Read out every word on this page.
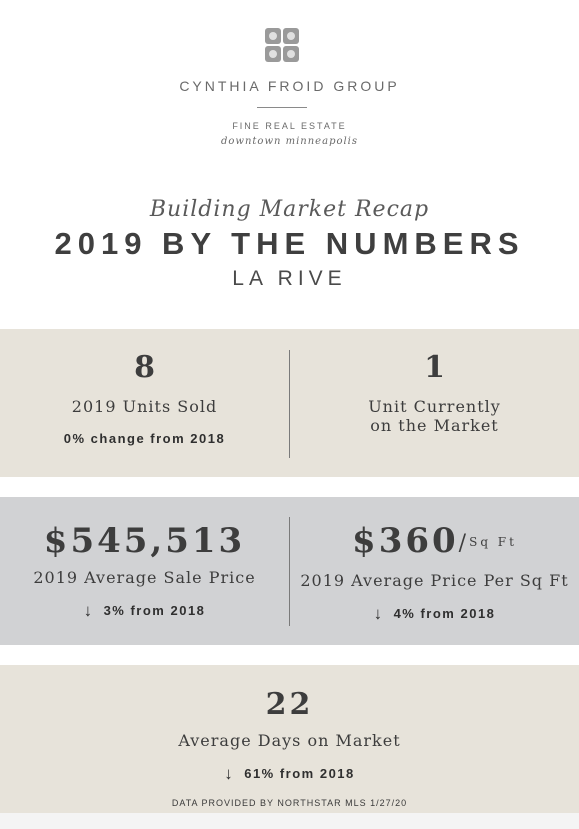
CYNTHIA FROID GROUP
FINE REAL ESTATE
downtown minneapolis
Building Market Recap
2019 BY THE NUMBERS
LA RIVE
8
2019 Units Sold
0% change from 2018
1
Unit Currently
on the Market
$545,513
2019 Average Sale Price
↓ 3% from 2018
$360/Sq Ft
2019 Average Price Per Sq Ft
↓ 4% from 2018
22
Average Days on Market
↓ 61% from 2018
DATA PROVIDED BY NORTHSTAR MLS 1/27/20
